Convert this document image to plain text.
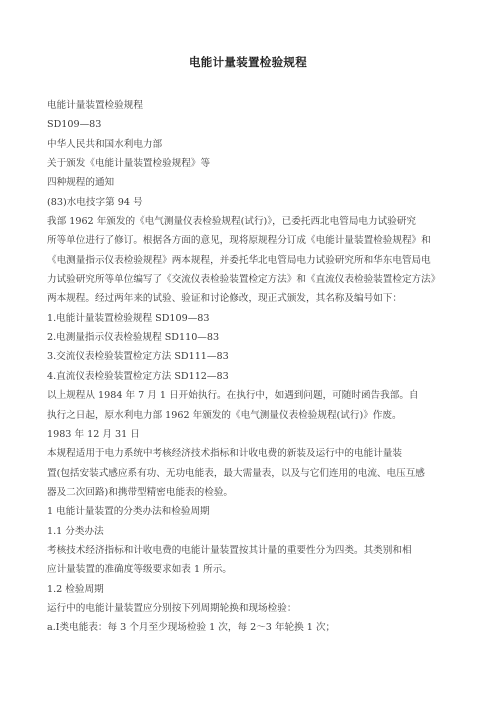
电能计量装置检验规程
电能计量装置检验规程
SD109—83
中华人民共和国水利电力部
关于颁发《电能计量装置检验规程》等
四种规程的通知
(83)水电技字第 94 号
我部 1962 年颁发的《电气测量仪表检验规程(试行)》，已委托西北电管局电力试验研究
所等单位进行了修订。根据各方面的意见，现将原规程分订成《电能计量装置检验规程》和
《电测量指示仪表检验规程》两本规程，并委托华北电管局电力试验研究所和华东电管局电
力试验研究所等单位编写了《交流仪表检验装置检定方法》和《直流仪表检验装置检定方法》
两本规程。经过两年来的试验、验证和讨论修改，现正式颁发，其名称及编号如下：
1.电能计量装置检验规程 SD109—83
2.电测量指示仪表检验规程 SD110—83
3.交流仪表检验装置检定方法 SD111—83
4.直流仪表检验装置检定方法 SD112—83
以上规程从 1984 年 7 月 1 日开始执行。在执行中，如遇到问题，可随时函告我部。自
执行之日起，原水利电力部 1962 年颁发的《电气测量仪表检验规程(试行)》作废。
1983 年 12 月 31 日
本规程适用于电力系统中考核经济技术指标和计收电费的新装及运行中的电能计量装
置(包括安装式感应系有功、无功电能表，最大需量表，以及与它们连用的电流、电压互感
器及二次回路)和携带型精密电能表的检验。
1 电能计量装置的分类办法和检验周期
1.1 分类办法
考核技术经济指标和计收电费的电能计量装置按其计量的重要性分为四类。其类别和相
应计量装置的准确度等级要求如表 1 所示。
1.2 检验周期
运行中的电能计量装置应分别按下列周期轮换和现场检验：
a.Ⅰ类电能表：每 3 个月至少现场检验 1 次，每 2～3 年轮换 1 次；
